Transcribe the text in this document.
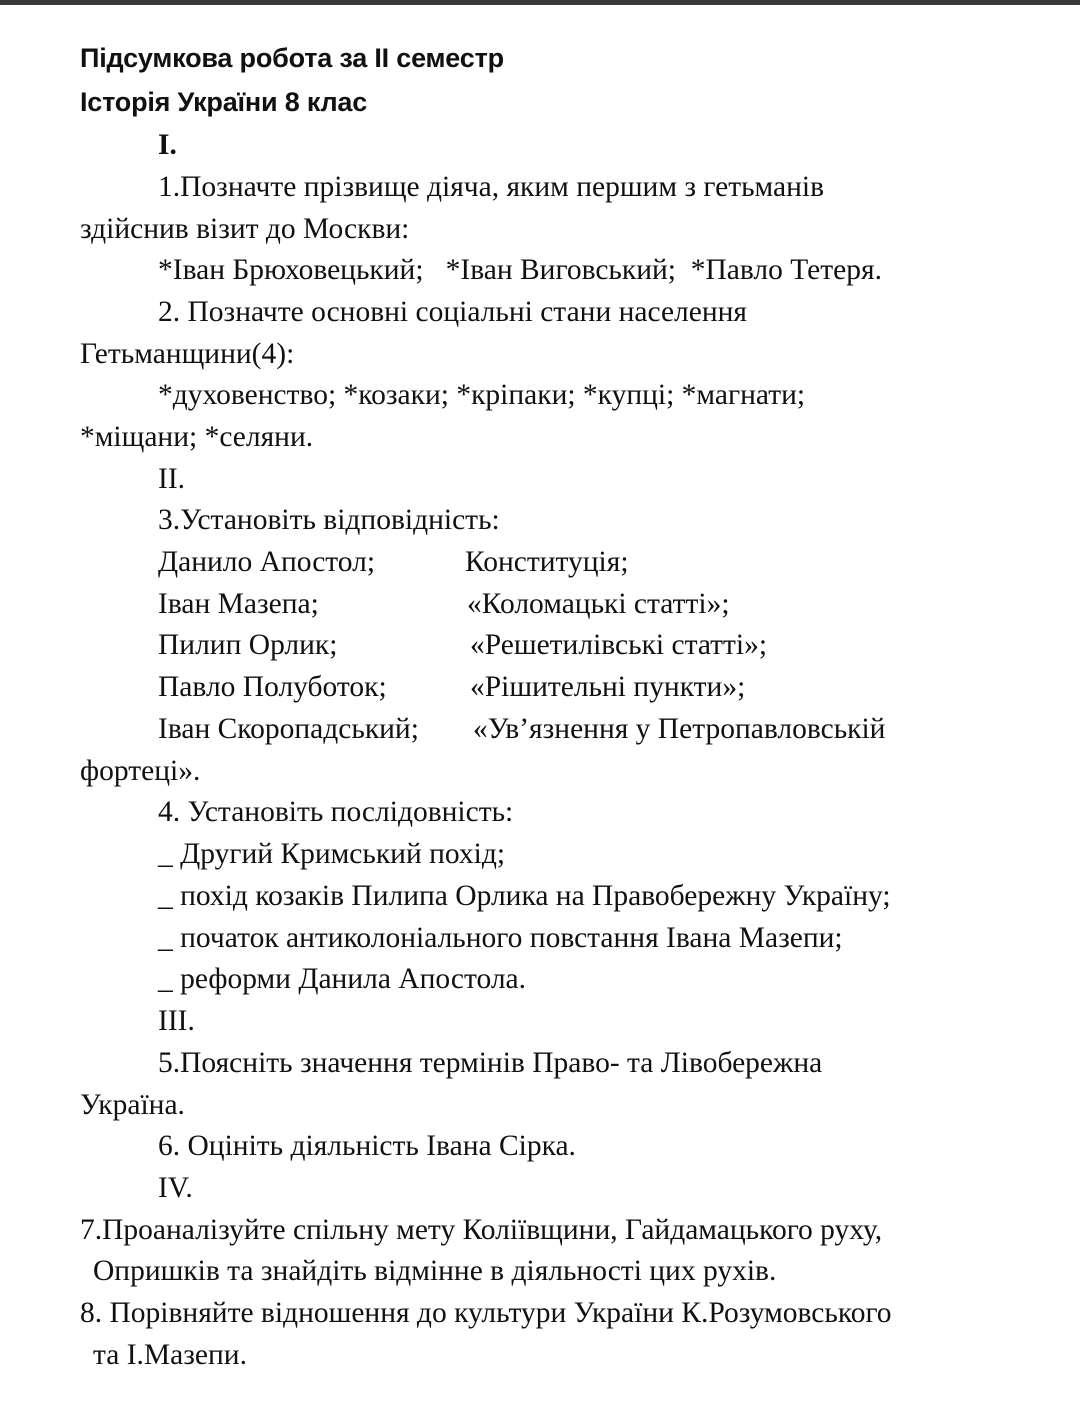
Підсумкова робота за ІІ семестр
Історія України 8 клас
І.
1.Позначте прізвище діяча, яким першим з гетьманів
здійснив візит до Москви:
*Іван Брюховецький;   *Іван Виговський;  *Павло Тетеря.
2. Позначте основні соціальні стани населення
Гетьманщини(4):
*духовенство; *козаки; *кріпаки; *купці; *магнати;
*міщани; *селяни.
ІІ.
3.Установіть відповідність:
Данило Апостол;	Конституція;
Іван Мазепа;	«Коломацькі статті»;
Пилип Орлик;	«Решетилівські статті»;
Павло Полуботок;	«Рішительні пункти»;
Іван Скоропадський; «Ув’язнення у Петропавловській
фортеці».
4. Установіть послідовність:
_ Другий Кримський похід;
_ похід козаків Пилипа Орлика на Правобережну Україну;
_ початок антиколоніального повстання Івана Мазепи;
_ реформи Данила Апостола.
ІІІ.
5.Поясніть значення термінів Право- та Лівобережна
Україна.
6. Оцініть діяльність Івана Сірка.
ІV.
7.Проаналізуйте спільну мету Коліївщини, Гайдамацького руху,
Опришків та знайдіть відмінне в діяльності цих рухів.
8. Порівняйте відношення до культури України К.Розумовського
та І.Мазепи.
